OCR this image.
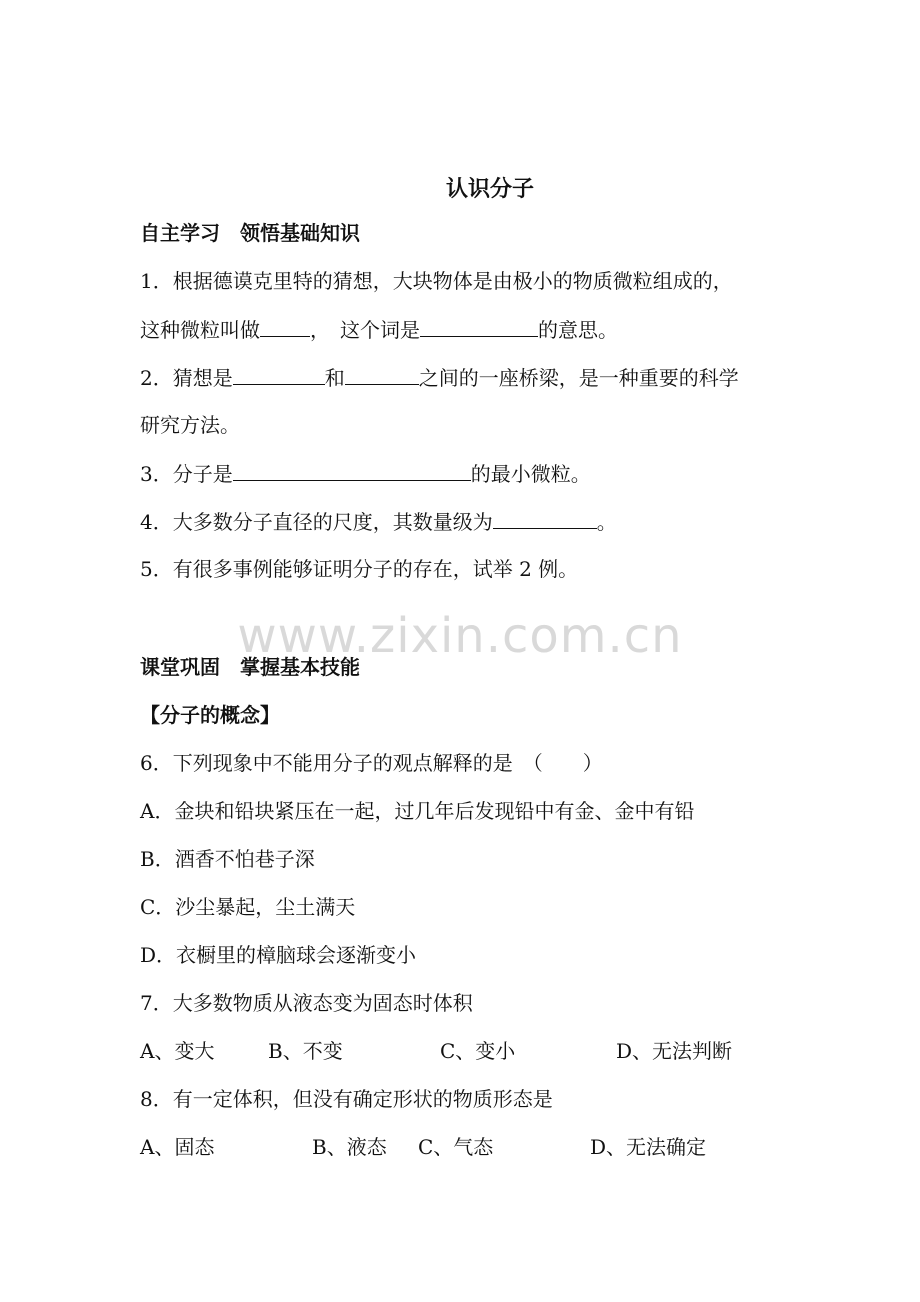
认识分子
自主学习　领悟基础知识
1．根据德谟克里特的猜想，大块物体是由极小的物质微粒组成的，
这种微粒叫做	，　这个词是	的意思。
2．猜想是	和	之间的一座桥梁，是一种重要的科学
研究方法。
3．分子是	的最小微粒。
4．大多数分子直径的尺度，其数量级为	。
5．有很多事例能够证明分子的存在，试举 2 例。
www.zixin.com.cn
课堂巩固　掌握基本技能
【分子的概念】
6．下列现象中不能用分子的观点解释的是　（　　）
A．金块和铅块紧压在一起，过几年后发现铅中有金、金中有铅
B．酒香不怕巷子深
C．沙尘暴起，尘土满天
D．衣橱里的樟脑球会逐渐变小
7．大多数物质从液态变为固态时体积
A、变大	B、不变	C、变小	D、无法判断
8．有一定体积，但没有确定形状的物质形态是
A、固态	B、液态 C、气态	D、无法确定
